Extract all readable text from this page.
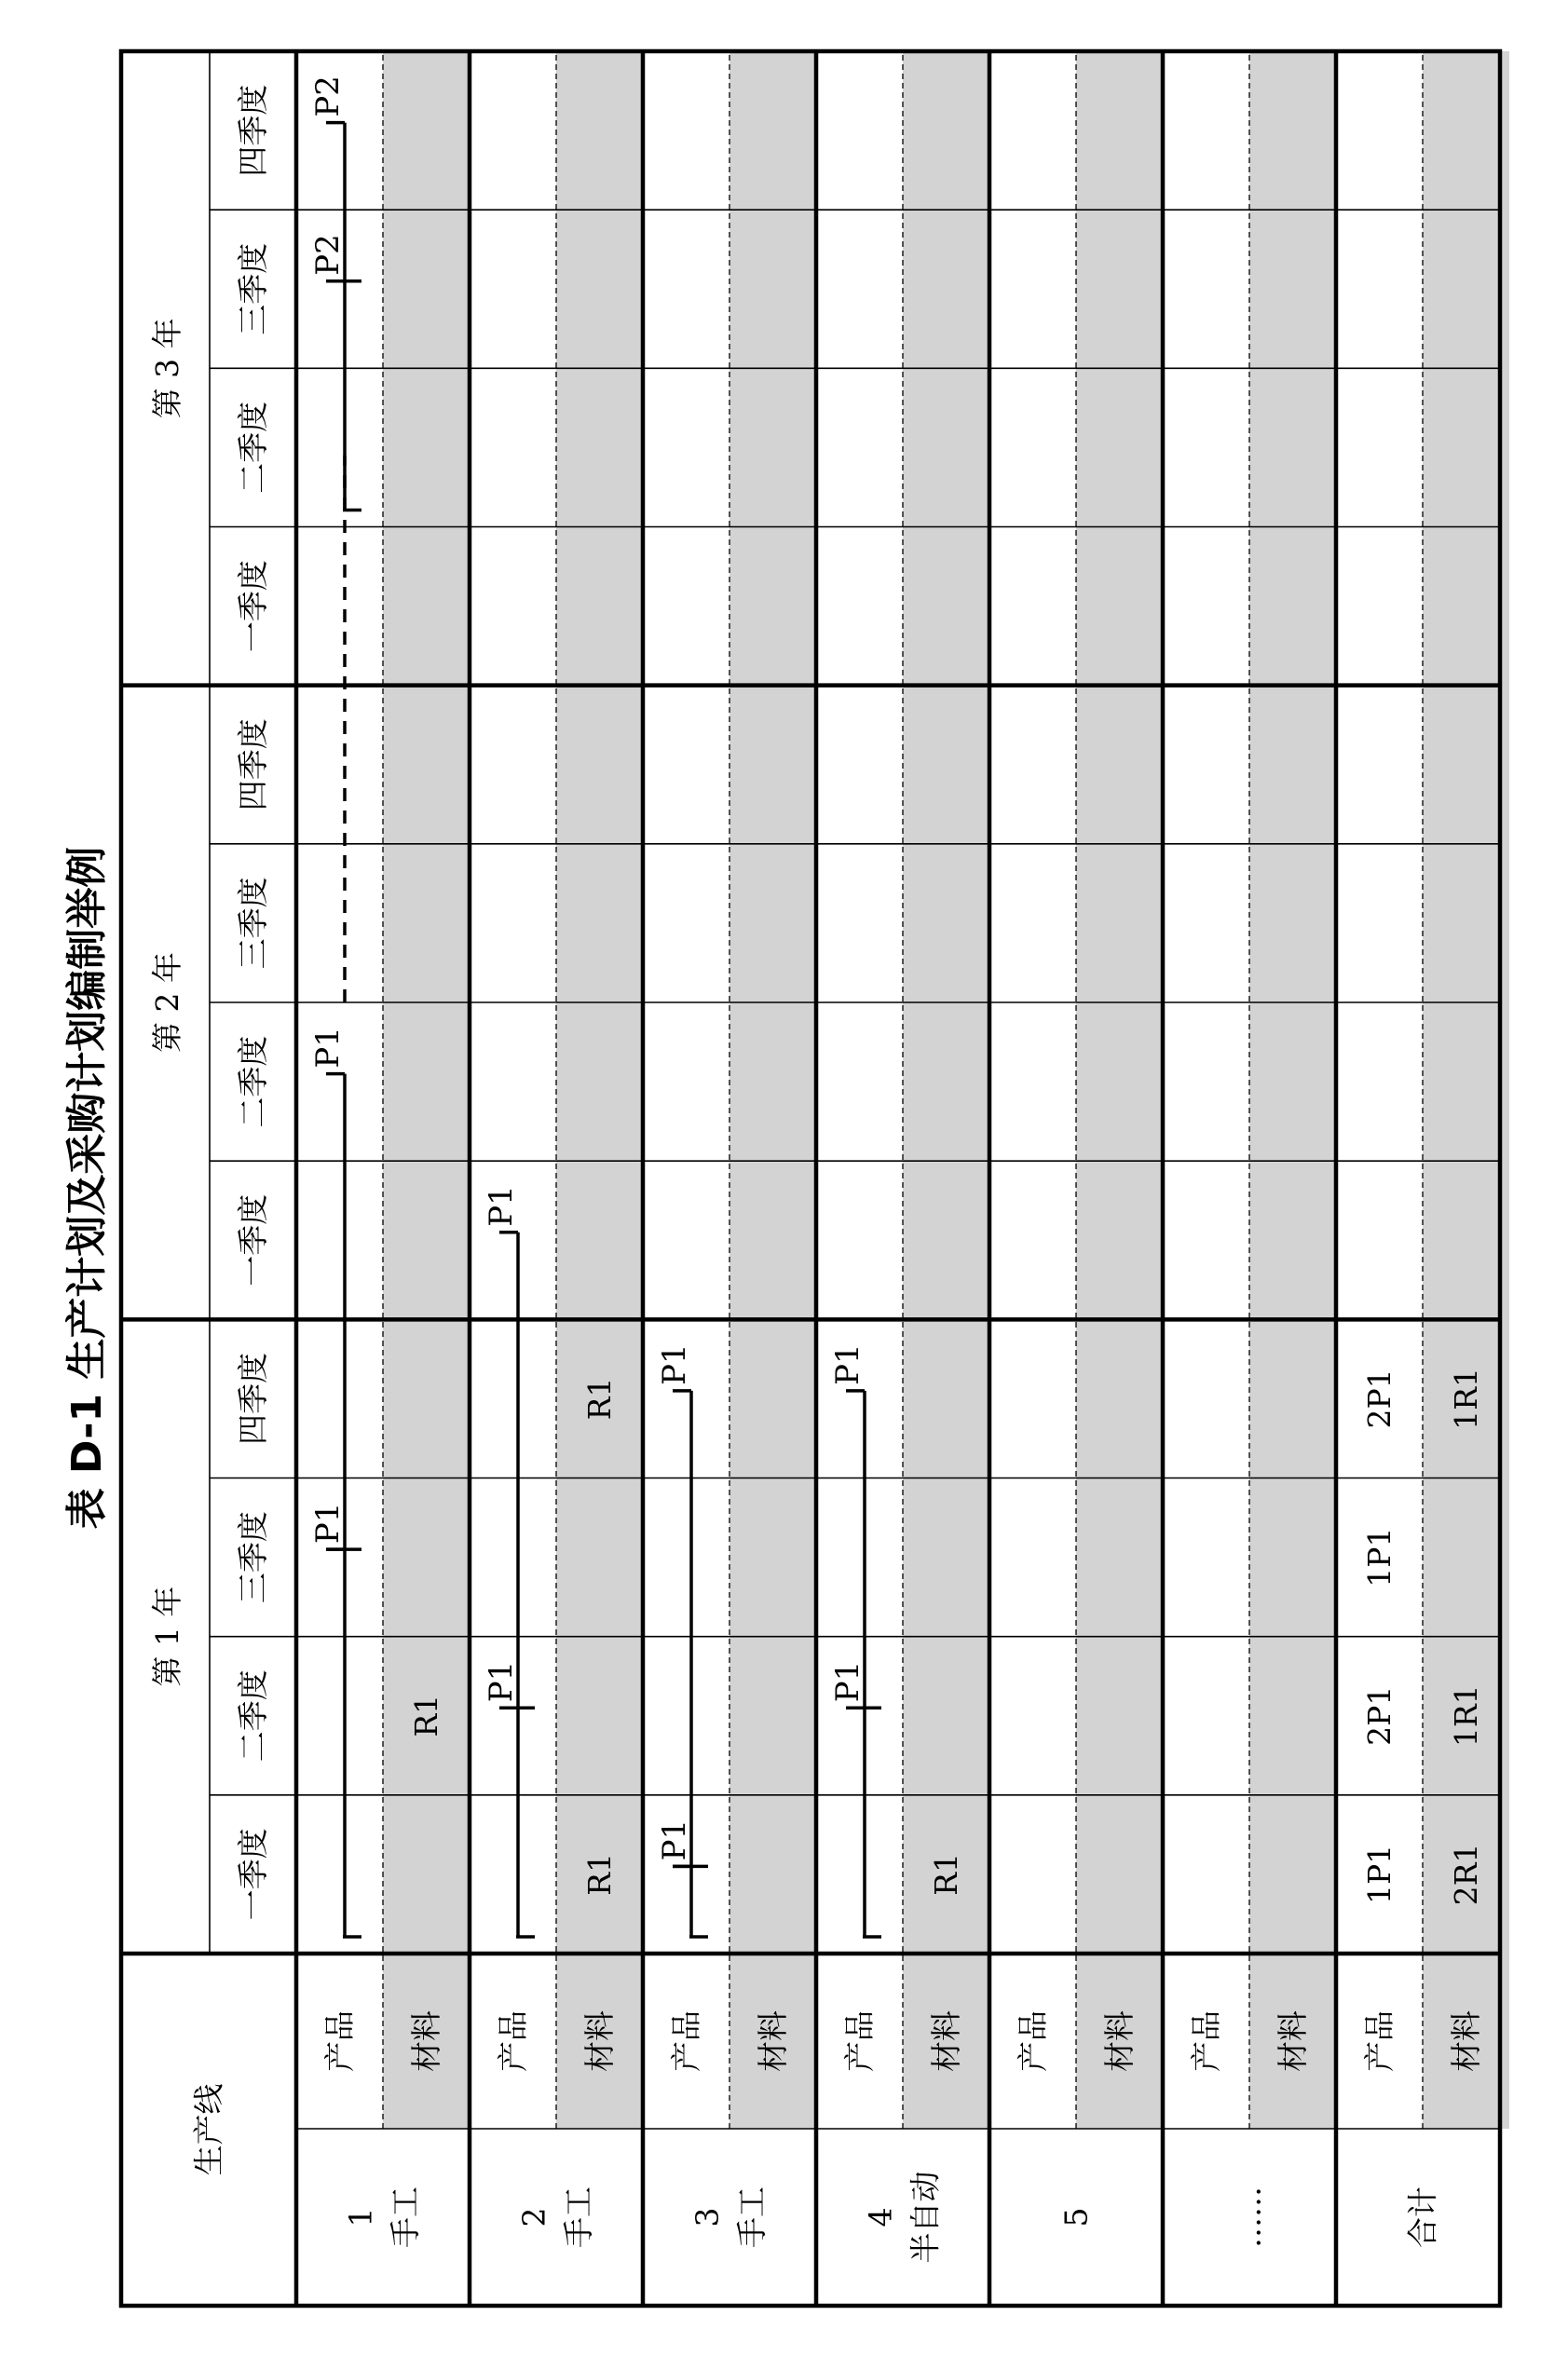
表 D-1 生产计划及采购计划编制举例
生产线
第 1 年
第 2 年
第 3 年
一季度
二季度
三季度
四季度
一季度
二季度
三季度
四季度
一季度
二季度
三季度
四季度
1 手工
产品 材料
2 手工
产品 材料
3 手工
产品 材料
4 半自动
产品 材料
5
产品 材料
……
产品 材料
合计
产品 材料
R1
R1
R1
R1	1P1
2P1
1P1
2P1
2R1
1R1
1R1
P1
P1
P1
P1
P1
P1
P1
P1
P2
P2
